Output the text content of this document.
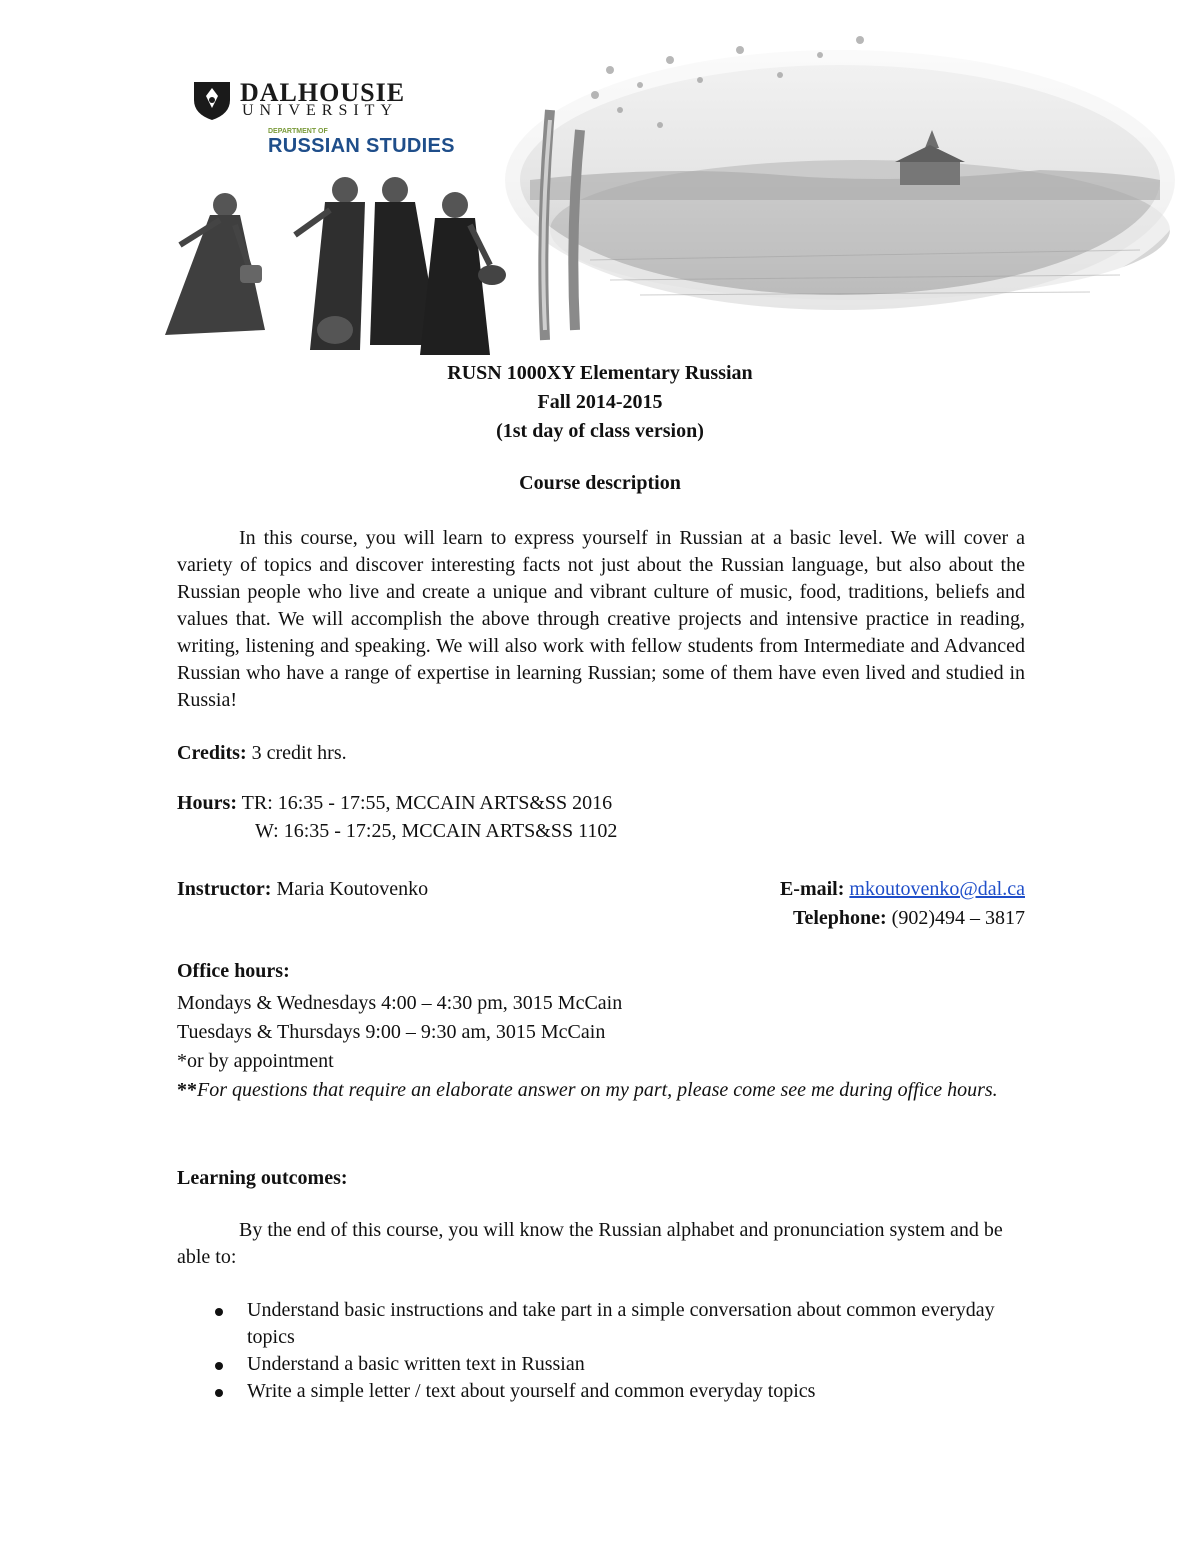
DALHOUSIE
UNIVERSITY
DEPARTMENT OF
RUSSIAN STUDIES
RUSN 1000XY Elementary Russian
Fall 2014-2015
(1st day of class version)
Course description
In this course, you will learn to express yourself in Russian at a basic level. We will cover a variety of topics and discover interesting facts not just about the Russian language, but also about the Russian people who live and create a unique and vibrant culture of music, food, traditions, beliefs and values that. We will accomplish the above through creative projects and intensive practice in reading, writing, listening and speaking. We will also work with fellow students from Intermediate and Advanced Russian who have a range of expertise in learning Russian; some of them have even lived and studied in Russia!
Credits: 3 credit hrs.
Hours: TR: 16:35 - 17:55, MCCAIN ARTS&SS 2016
W: 16:35 - 17:25, MCCAIN ARTS&SS 1102
Instructor: Maria Koutovenko	E-mail: mkoutovenko@dal.ca
Telephone: (902)494 – 3817
Office hours:
Mondays & Wednesdays 4:00 – 4:30 pm, 3015 McCain
Tuesdays & Thursdays 9:00 – 9:30 am, 3015 McCain
*or by appointment
**For questions that require an elaborate answer on my part, please come see me during office hours.
Learning outcomes:
By the end of this course, you will know the Russian alphabet and pronunciation system and be able to:
Understand basic instructions and take part in a simple conversation about common everyday topics
Understand a basic written text in Russian
Write a simple letter / text about yourself and common everyday topics
